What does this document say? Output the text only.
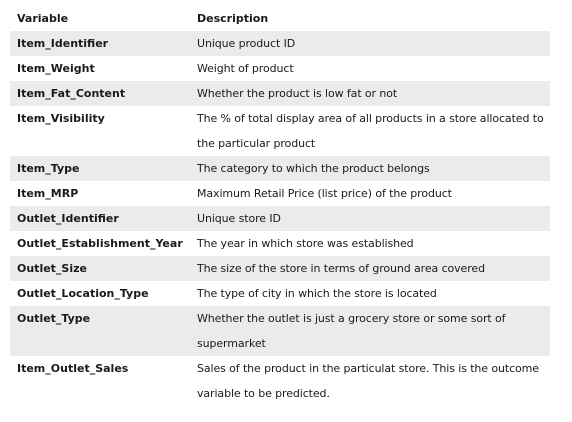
Variable	Description
Item_Identifier	Unique product ID
Item_Weight	Weight of product
Item_Fat_Content	Whether the product is low fat or not
Item_Visibility	The % of total display area of all products in a store allocated to the particular product
Item_Type	The category to which the product belongs
Item_MRP	Maximum Retail Price (list price) of the product
Outlet_Identifier	Unique store ID
Outlet_Establishment_Year	The year in which store was established
Outlet_Size	The size of the store in terms of ground area covered
Outlet_Location_Type	The type of city in which the store is located
Outlet_Type	Whether the outlet is just a grocery store or some sort of supermarket
Item_Outlet_Sales	Sales of the product in the particulat store. This is the outcome variable to be predicted.
